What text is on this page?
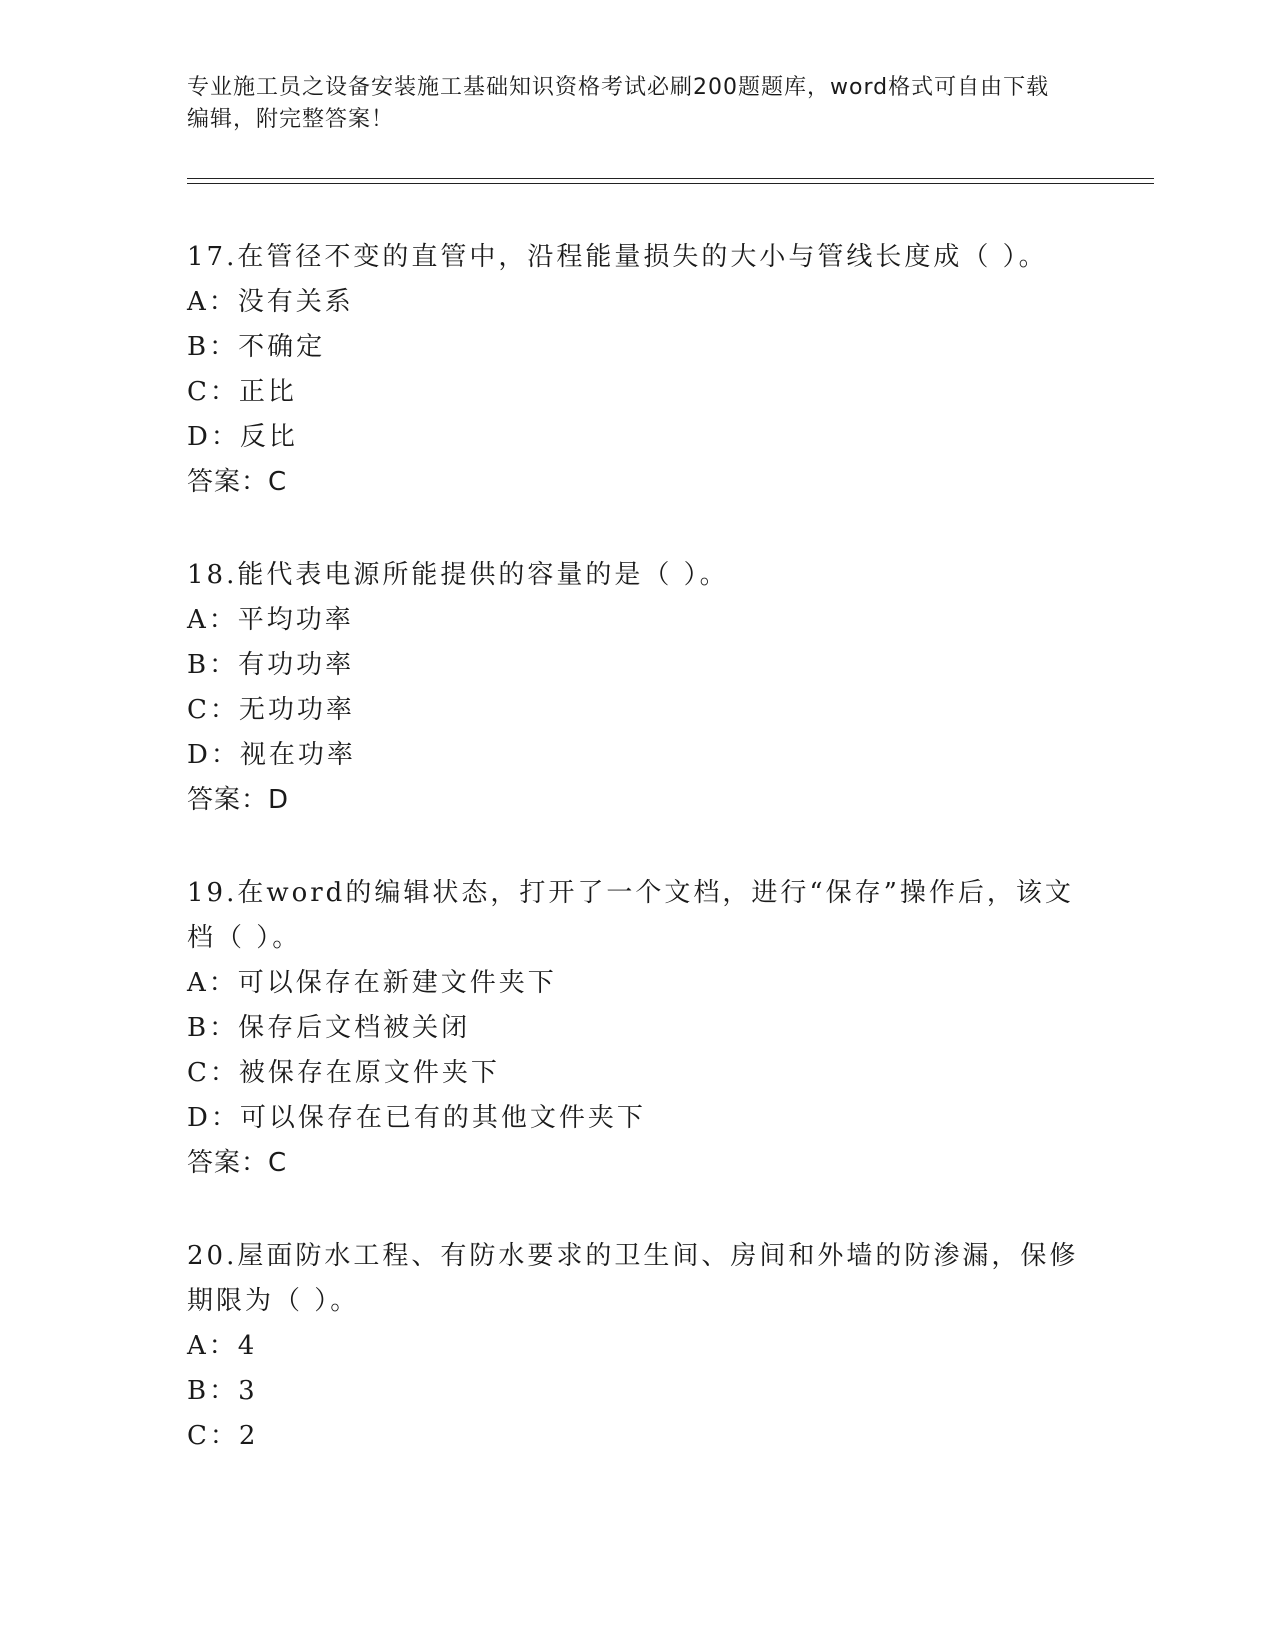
专业施工员之设备安装施工基础知识资格考试必刷200题题库，word格式可自由下载编辑，附完整答案！
17.在管径不变的直管中，沿程能量损失的大小与管线长度成（ ）。
A：没有关系
B：不确定
C：正比
D：反比
答案：C
18.能代表电源所能提供的容量的是（ ）。
A：平均功率
B：有功功率
C：无功功率
D：视在功率
答案：D
19.在word的编辑状态，打开了一个文档，进行“保存”操作后，该文档（ ）。
A：可以保存在新建文件夹下
B：保存后文档被关闭
C：被保存在原文件夹下
D：可以保存在已有的其他文件夹下
答案：C
20.屋面防水工程、有防水要求的卫生间、房间和外墙的防渗漏，保修期限为（ ）。
A：4
B：3
C：2
